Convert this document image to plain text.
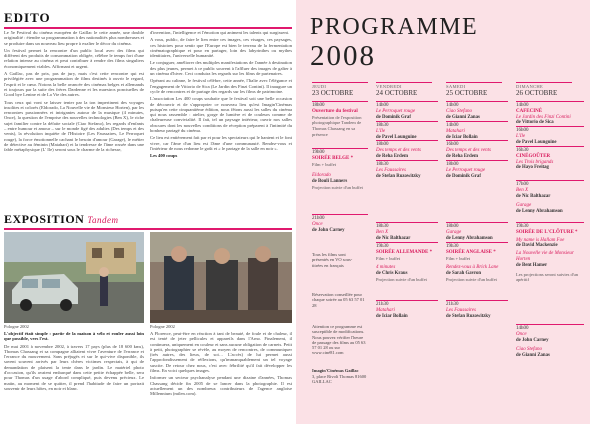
EDITO

Le 5e Festival du cinéma européen de Gaillac le cette année, une double originalité : étendre sa programmation à des nationalités plus nombreuses et se produire dans un nouveau lieu propre à exalter le décor du cinéma.

Un festival permet la rencontre d'un public local avec des films qui diffèrent des produits de consommation obligée, célèbre le temps fort d'une relation intense au cinéma et peut contribuer à rendre des films singuliers économiquement viables. Affirmant et urgent.

A Gaillac, pas de prix, pas de jury, mais c'est cette rencontre qui est privilégiée avec une programmation de films destinés à ouvrir le regard, l'esprit et le cœur. Notons la belle avancée des cinémas belges et allemands et toujours par la suite des frères Dardenne et les maestros ponctuelles de Good bye Lenine et de La Vie des autres.

Tous ceux qui vont se laisser tenter par la ton impertinent des voyages insolites et colorés (Eldorado, La Nouvelle vie de Monsieur Horten), par les rencontres passionnées et intrigantes autour de la musique (4 minutes, Once), la question de l'emprise des nouvelles technologies (Ben X), le riche sujet familier contre la défaite sociale (Ciao Stefano), les regards d'enfants – entre humour et amour – sur le monde figé des adultes (Des temps et des vents), la révolution inquiète de l'Histoire (Les Faussaires, Le Perroquet rouge), la force émotionnelle cachant le besoin d'amour (Garage), le métier de détective au féminin (Matahari) et la tendresse de l'âme rossée dans une fable métaphysique (L' Ile) seront sous le charme de la richesse,

d'invention, l'intelligence et l'émotion qui animent les talents qui surgissent.

A vous, public, de faire le lien entre ces images, ces visages, ces paysages, ces histoires pour sentir que l'Europe est bien le terreau de la fermentation cinématographique et pour en partager, loin des labyrinthes ou mythes identitaires, l'universelle humanité.

Le conjuguer, améliorer des multiples manifestations de l'année à destination des plus jeunes, permet à ce public souvent à l'affluer des images de gaîter à un cinéma d'hiver. Ceci conduira les regards sur les films de partenaires.

Opérant au calinne, le festival célèbre, cette année, l'Italie avec l'élégance et l'engagement de Vittorio de Sica (Le Jardin des Finzi Contini). Il inaugure un cycle de rencontres et de partage des regards sur les films de patrimoine.

L'association Les 400 coups souhaite que le festival soit une belle occasion de découvrir et de s'approprier ce nouveau lieu qu'est Imagin'Cinémas puisqu'en cette cinquantième édition, nous fêtons aussi les salles du cinéma qui nous rassemble : atelier, gorge de lumière et de couleurs comme de chaleureuse convivialité. Il fait, tel un paysage intérieur, ouvrir nos salles obscures dont les nouvelles conditions de réception préparent à l'intimité du bonheur partagé du cinéma.

Ce lieu est entièrement fait par et pour les spectateurs qui le hantent et le font vivre, car l'âme d'un lieu est l'âme d'une communauté. Rendez-vous et l'intérieur de nous redonne le goût et « le partage de la salle en noir ».

Les 400 coups

EXPOSITION Tandem
Pologne 2002	Pologne 2002

L'objectif était simple : partir de la maison à vélo et rouler aussi loin que possible, vers l'est.

De mai 2001 à novembre 2002, à travers 17 pays (plus de 18 600 kms), Thomas Chassang et sa compagne alliaient vivre l'aventure de l'errance et l'errance du mouvement. Sans préjugés et sur le qui-vive disponible, ils savent souvent arrivés par leurs chères victimes respectais, à qui de demandation de plaisent la tente dans le jardin. Le matériel photo d'occasion, qu'ils avaient embarqué dans cette petite échappée belle, sera pour Thomas d'un usage d'abord compliqué, puis devenu précieux. Le matin, au moment de se quitter, il prend l'habitude de faire un portrait souvenir de leurs hôtes, en noir et blanc.

A Florence, peut-être en réaction à tant de beauté, de foule et de chaleur, il est tenté de jeter pellicules et appareils dans l'Arno. Finalement, il continuera, uniquement en couleur et sans aucune obligation de carnets. Petit à petit, photographier se révèle, au moyen de rencontres, de communiquer (très autres, des lieux, de soi… L'accès) de lui permet aussi l'approfondissement de réflexions, qu'immanquablement un tel voyage suscite. De retour chez nous, c'est avec fébrilité qu'il fait développer les films. En voici quelques images.

Informer un secteur psychanalyse pendant une dizaine d'années, Thomas Chassang décide fin 2005 de se lancer dans la photographie. Il est actuellement un des nombreux contributeurs de l'agence angloise Millennium (milen.com).

PROGRAMME
2008
JEUDI
23 OCTOBRE
VENDREDI
24 OCTOBRE
SAMEDI
25 OCTOBRE
DIMANCHE
26 OCTOBRE
18h00
Ouverture du festival
Présentation de l'exposition photographique Tandem de Thomas Chassang en sa présence
19h00
SOIRÉE BELGE *
Film + buffet
Eldorado
de Bouli Lanners
Projection suivie d'un buffet
21h00
Once
de John Carney
Tous les films sont présentés en VO sous-titrées en français
Réservation conseillée pour chaque soirée au 05 63 57 01 28
Attention ce programme est susceptible de modifications. Nous pouvez vérifier l'heure de passage des films au 05 63 57 01 28 ou sur www.ciné81.com
Imagin'Cinémas Gaillac
3, place Rivoli Thomas 81600 GAILLAC
14h00
Le Perroquet rouge
de Dominik Graf
18h30
L'Ile
de Pavel Lounguine
18h00
Des temps et des vents
de Reha Erdem
18h30
Les Faussaires
de Stefan Ruzowitzky
18h30
Ben X
de Nic Balthazar
19h30
SOIRÉE ALLEMANDE *
Film + buffet
4 minutes
de Chris Kraus
Projection suivie d'un buffet
21h30
Matahari
de Iciar Bollain
14h00
Ciao Stefano
de Gianni Zanas
14h00
Matahari
de Iciar Bollain
16h00
Des temps et des vents
de Reha Erdem
18h00
Le Perroquet rouge
de Dominik Graf
18h00
Garage
de Lenny Abrahamson
19h30
SOIRÉE ANGLAISE *
Film + buffet
Rendez-vous à Brick Lane
de Sarah Gavron
Projection suivie d'un buffet
21h30
Les Faussaires
de Stefan Ruzowitzky
14h00
CAFECINÉ
Le Jardin des Finzi Contini
de Vittorio de Sica
16h00
L'Ile
de Pavel Lounguine
16h30
CINÉGOÛTER
Les Trois brigands
de Hayo Freitag
17h00
Ben X
de Nic Balthazar
Garage
de Lenny Abrahamson
19h30
SOIRÉE DE L'CLÔTURE *
My name is Hallam Foe
de David Mackenzie
La Nouvelle vie de Monsieur Horten
de Bent Hamer
Les projections seront suivies d'un apéritif
14h00
Once
de John Carney
Ciao Stefano
de Gianni Zanas
